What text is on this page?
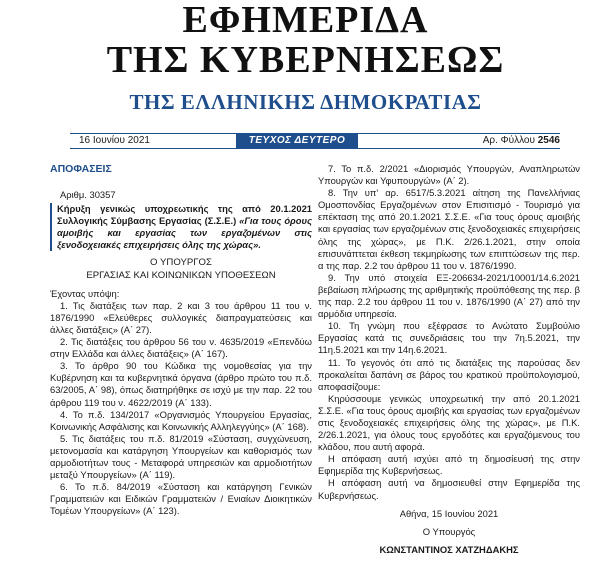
ΕΦΗΜΕΡΙΔΑ
ΤΗΣ ΚΥΒΕΡΝΗΣΕΩΣ
ΤΗΣ ΕΛΛΗΝΙΚΗΣ ΔΗΜΟΚΡΑΤΙΑΣ
16 Ιουνίου 2021	ΤΕΥΧΟΣ ΔΕΥΤΕΡΟ	Αρ. Φύλλου 2546

ΑΠΟΦΑΣΕΙΣ

Αριθμ. 30357

Κήρυξη γενικώς υποχρεωτικής της από 20.1.2021 Συλλογικής Σύμβασης Εργασίας (Σ.Σ.Ε.) «Για τους όρους αμοιβής και εργασίας των εργαζομένων στις ξενοδοχειακές επιχειρήσεις όλης της χώρας».

Ο ΥΠΟΥΡΓΟΣ

ΕΡΓΑΣΙΑΣ ΚΑΙ ΚΟΙΝΩΝΙΚΩΝ ΥΠΟΘΕΣΕΩΝ

Έχοντας υπόψη:

1. Τις διατάξεις των παρ. 2 και 3 του άρθρου 11 του ν. 1876/1990 «Ελεύθερες συλλογικές διαπραγματεύσεις και άλλες διατάξεις» (Α΄ 27).

2. Τις διατάξεις του άρθρου 56 του ν. 4635/2019 «Επενδύω στην Ελλάδα και άλλες διατάξεις» (Α΄ 167).

3. Το άρθρο 90 του Κώδικα της νομοθεσίας για την Κυβέρνηση και τα κυβερνητικά όργανα (άρθρο πρώτο του π.δ. 63/2005, Α΄ 98), όπως διατηρήθηκε σε ισχύ με την παρ. 22 του άρθρου 119 του ν. 4622/2019 (Α΄ 133).

4. Το π.δ. 134/2017 «Οργανισμός Υπουργείου Εργασίας, Κοινωνικής Ασφάλισης και Κοινωνικής Αλληλεγγύης» (Α΄ 168).

5. Τις διατάξεις του π.δ. 81/2019 «Σύσταση, συγχώνευση, μετονομασία και κατάργηση Υπουργείων και καθορισμός των αρμοδιοτήτων τους - Μεταφορά υπηρεσιών και αρμοδιοτήτων μεταξύ Υπουργείων» (Α΄ 119).

6. Το π.δ. 84/2019 «Σύσταση και κατάργηση Γενικών Γραμματειών και Ειδικών Γραμματειών / Ενιαίων Διοικητικών Τομέων Υπουργείων» (Α΄ 123).

7. Το π.δ. 2/2021 «Διορισμός Υπουργών, Αναπληρωτών Υπουργών και Υφυπουργών» (Α΄ 2).

8. Την υπ' αρ. 6517/5.3.2021 αίτηση της Πανελλήνιας Ομοσπονδίας Εργαζομένων στον Επισιτισμό - Τουρισμό για επέκταση της από 20.1.2021 Σ.Σ.Ε. «Για τους όρους αμοιβής και εργασίας των εργαζομένων στις ξενοδοχειακές επιχειρήσεις όλης της χώρας», με Π.Κ. 2/26.1.2021, στην οποία επισυνάπτεται έκθεση τεκμηρίωσης των επιπτώσεων της περ. α της παρ. 2.2 του άρθρου 11 του ν. 1876/1990.

9. Την υπό στοιχεία ΕΞ-206634-2021/10001/14.6.2021 βεβαίωση πλήρωσης της αριθμητικής προϋπόθεσης της περ. β της παρ. 2.2 του άρθρου 11 του ν. 1876/1990 (Α΄ 27) από την αρμόδια υπηρεσία.

10. Τη γνώμη που εξέφρασε το Ανώτατο Συμβούλιο Εργασίας κατά τις συνεδριάσεις του την 7η.5.2021, την 11η.5.2021 και την 14η.6.2021.

11. Το γεγονός ότι από τις διατάξεις της παρούσας δεν προκαλείται δαπάνη σε βάρος του κρατικού προϋπολογισμού, αποφασίζουμε:

Κηρύσσουμε γενικώς υποχρεωτική την από 20.1.2021 Σ.Σ.Ε. «Για τους όρους αμοιβής και εργασίας των εργαζομένων στις ξενοδοχειακές επιχειρήσεις όλης της χώρας», με Π.Κ. 2/26.1.2021, για όλους τους εργοδότες και εργαζόμενους του κλάδου, που αυτή αφορά.

Η απόφαση αυτή ισχύει από τη δημοσίευσή της στην Εφημερίδα της Κυβερνήσεως.

Η απόφαση αυτή να δημοσιευθεί στην Εφημερίδα της Κυβερνήσεως.

Αθήνα, 15 Ιουνίου 2021

Ο Υπουργός

ΚΩΝΣΤΑΝΤΙΝΟΣ ΧΑΤΖΗΔΑΚΗΣ
